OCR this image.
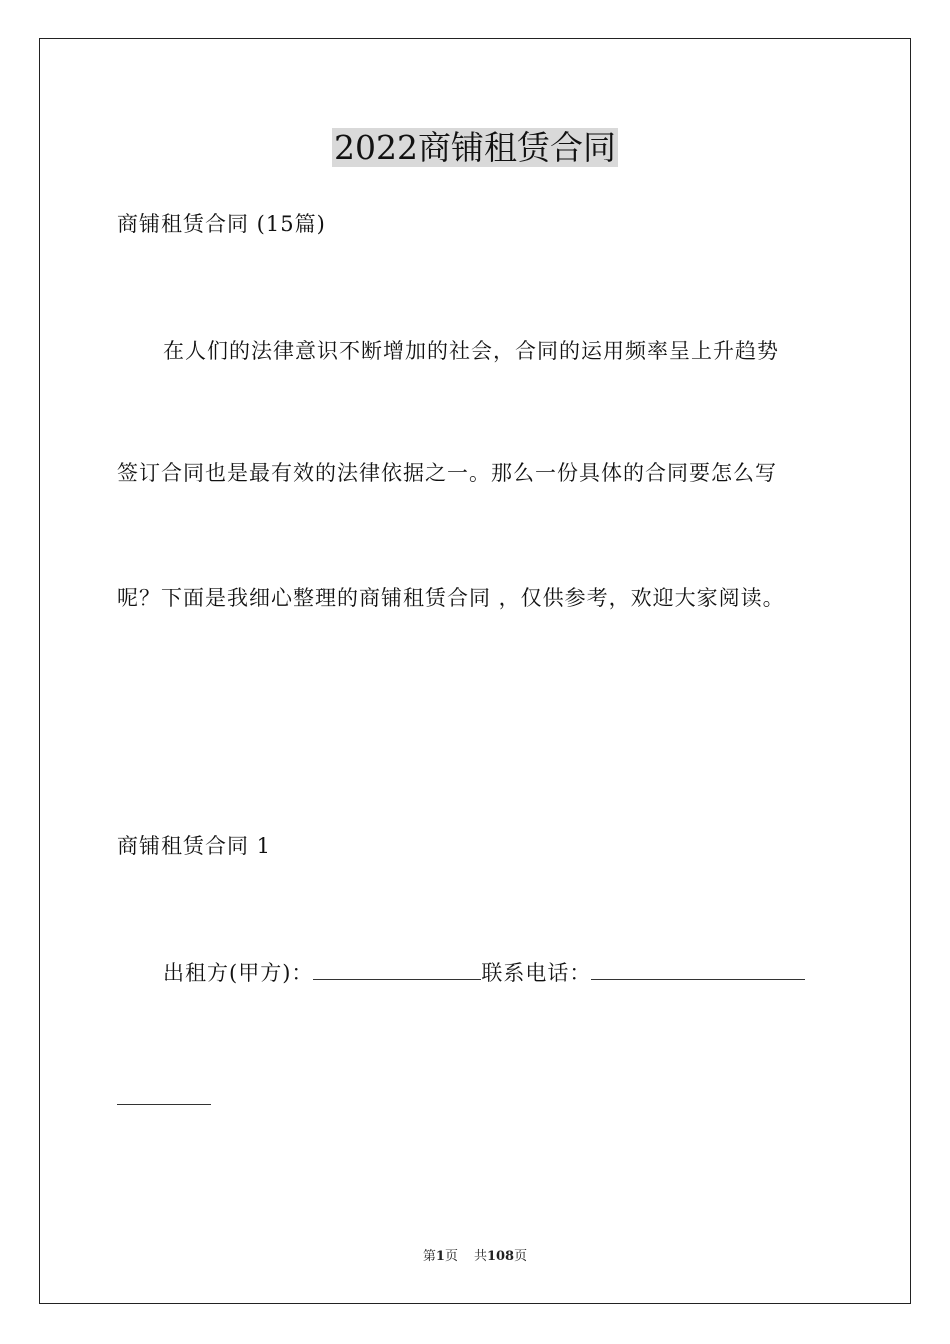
2022商铺租赁合同
商铺租赁合同 (15篇)
在人们的法律意识不断增加的社会，合同的运用频率呈上升趋势
签订合同也是最有效的法律依据之一。那么一份具体的合同要怎么写
呢？下面是我细心整理的商铺租赁合同 ，仅供参考，欢迎大家阅读。
商铺租赁合同 1
出租方(甲方)：	联系电话：
第1页 共108页
